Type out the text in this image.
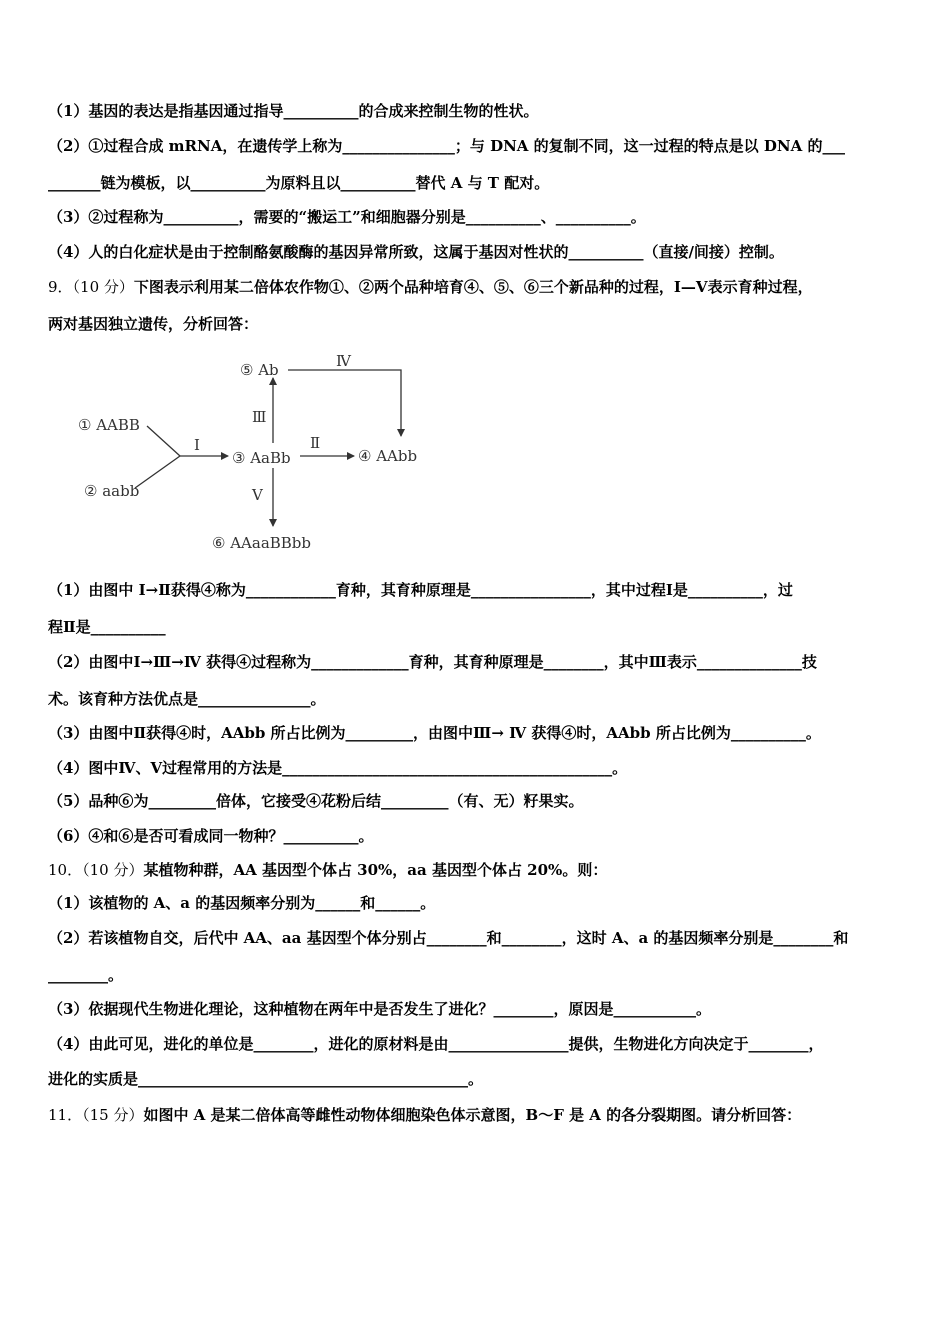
（1）基因的表达是指基因通过指导__________的合成来控制生物的性状。
（2）①过程合成 mRNA，在遗传学上称为_______________；与 DNA 的复制不同，这一过程的特点是以 DNA 的___
_______链为模板，以__________为原料且以__________替代 A 与 T 配对。
（3）②过程称为__________，需要的“搬运工”和细胞器分别是__________、__________。
（4）人的白化症状是由于控制酪氨酸酶的基因异常所致，这属于基因对性状的__________（直接/间接）控制。
9．（10 分）下图表示利用某二倍体农作物①、②两个品种培育④、⑤、⑥三个新品种的过程，Ⅰ—Ⅴ表示育种过程，
两对基因独立遗传，分析回答：
① AABB
② aabb
③ AaBb	④ AAbb
⑤ Ab
⑥ AAaaBBbb
Ⅰ	Ⅱ
Ⅲ
Ⅳ
Ⅴ
（1）由图中 Ⅰ→Ⅱ获得④称为____________育种，其育种原理是________________，其中过程Ⅰ是__________，过
程Ⅱ是__________
（2）由图中Ⅰ→Ⅲ→Ⅳ 获得④过程称为_____________育种，其育种原理是________，其中Ⅲ表示______________技
术。该育种方法优点是_______________。
（3）由图中Ⅱ获得④时，AAbb 所占比例为_________，由图中Ⅲ→ Ⅳ 获得④时，AAbb 所占比例为__________。
（4）图中Ⅳ、Ⅴ过程常用的方法是____________________________________________。
（5）品种⑥为_________倍体，它接受④花粉后结_________（有、无）籽果实。
（6）④和⑥是否可看成同一物种？__________。
10．（10 分）某植物种群，AA 基因型个体占 30%，aa 基因型个体占 20%。则：
（1）该植物的 A、a 的基因频率分别为______和______。
（2）若该植物自交，后代中 AA、aa 基因型个体分别占________和________，这时 A、a 的基因频率分别是________和
________。
（3）依据现代生物进化理论，这种植物在两年中是否发生了进化？________，原因是___________。
（4）由此可见，进化的单位是________，进化的原材料是由________________提供，生物进化方向决定于________，
进化的实质是____________________________________________。
11．（15 分）如图中 A 是某二倍体高等雌性动物体细胞染色体示意图，B～F 是 A 的各分裂期图。请分析回答：
